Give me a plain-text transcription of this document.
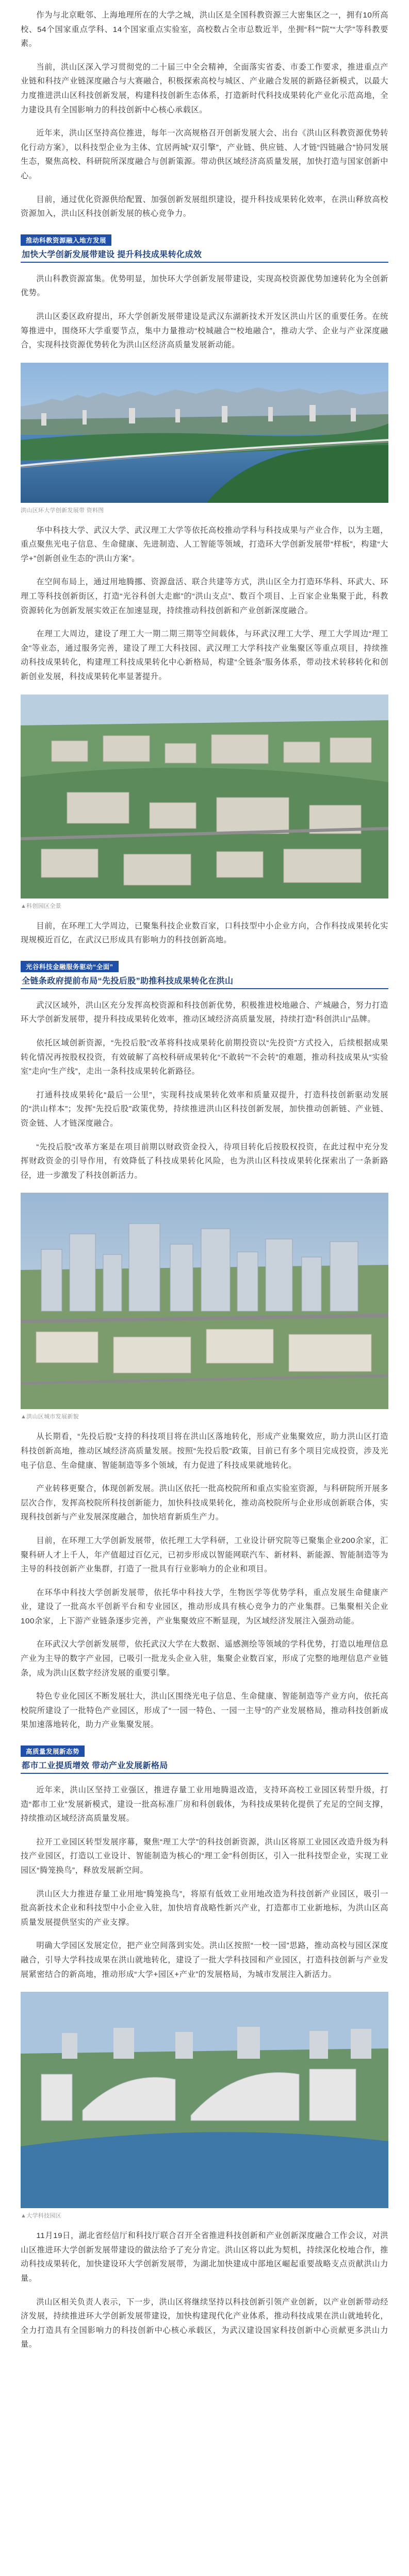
作为与北京毗邻、上海地理所在的大学之城，洪山区是全国科教资源三大密集区之一，拥有10所高校、54个国家重点学科、14个国家重点实验室，高校数占全市总数近半，坐拥“科”“院”“大学”等科教要素。

当前，洪山区深入学习贯彻党的二十届三中全会精神，全面落实省委、市委工作要求，推进重点产业链和科技产业链深度融合与大赛融合，积极探索高校与城区、产业融合发展的新路径新模式，以最大力度推进洪山区科技创新发展，构建科技创新生态体系，打造新时代科技成果转化产业化示范高地，全力建设具有全国影响力的科技创新中心核心承载区。

近年来，洪山区坚持高位推进，每年一次高规格召开创新发展大会、出台《洪山区科教资源优势转化行动方案》，以科技型企业为主体、宜居两城“双引擎”，产业链、供应链、人才链“四链融合”协同发展生态，聚焦高校、科研院所深度融合与创新策源。带动供区域经济高质量发展，加快打造与国家创新中心。

目前，通过优化资源供给配置、加强创新发展组织建设，提升科技成果转化效率，在洪山释放高校资源加入，洪山区科技创新发展的核心竞争力。

推动科教资源融入地方发展
加快大学创新发展带建设 提升科技成果转化成效

洪山科教资源富集。优势明显，加快环大学创新发展带建设，实现高校资源优势加速转化为全创新优势。

洪山区委区政府提出，环大学创新发展带建设是武汉东湖新技术开发区洪山片区的重要任务。在统筹推进中，围绕环大学重要节点，集中力量推动“校城融合”“校地融合”，推动大学、企业与产业深度融合，实现科技资源优势转化为洪山区经济高质量发展新动能。

洪山区环大学创新发展带 资料图

华中科技大学、武汉大学、武汉理工大学等依托高校推动学科与科技成果与产业合作，以为主题，重点聚焦光电子信息、生命健康、先进制造、人工智能等领域，打造环大学创新发展带“样板”，构建“大学+”创新创业生态的“洪山方案”。

在空间布局上，通过用地腾挪、资源盘活、联合共建等方式，洪山区全力打造环华科、环武大、环理工等科技创新街区，打造“光谷科创大走廊”的“洪山支点”、数百个项目、上百家企业集聚于此，科教资源转化为创新发展实效正在加速显现，持续推动科技创新和产业创新深度融合。

在理工大周边，建设了理工大一期二期三期等空间载体，与环武汉理工大学、理工大学周边“理工金”等业态，通过服务完善，建设了理工大科技园、武汉理工大学科技产业集聚区等重点项目，持续推动科技成果转化，构建理工科技成果转化中心新格局，构建“全链条”服务体系，带动技术转移转化和创新创业发展，科技成果转化率显著提升。

▲科创园区全景

目前，在环理工大学周边，已聚集科技企业数百家，口科技型中小企业方向，合作科技成果转化实现规模近百亿，在武汉已形成具有影响力的科技创新高地。

光谷科技金融服务驱动“全面”
全链条政府提前布局“先投后股”助推科技成果转化在洪山

武汉区域外，洪山区充分发挥高校资源和科技创新优势，积极推进校地融合、产城融合，努力打造环大学创新发展带，提升科技成果转化效率，推动区域经济高质量发展，持续打造“科创洪山”品牌。

依托区域创新资源，“先投后股”改革将科技成果转化前期投资以“先投资”方式投入，后续根据成果转化情况再按股权投资，有效破解了高校科研成果转化“不敢转”“不会转”的难题，推动科技成果从“实验室”走向“生产线”，走出一条科技成果转化新路径。

打通科技成果转化“最后一公里”，实现科技成果转化效率和质量双提升，打造科技创新驱动发展的“洪山样本”；发挥“先投后股”政策优势，持续推进洪山区科技创新发展，加快推动创新链、产业链、资金链、人才链深度融合。

“先投后股”改革方案是在项目前期以财政资金投入，待项目转化后按股权投资，在此过程中充分发挥财政资金的引导作用，有效降低了科技成果转化风险，也为洪山区科技成果转化探索出了一条新路径，进一步激发了科技创新活力。

▲洪山区城市发展新貌

从长期看，“先投后股”支持的科技项目将在洪山区落地转化，形成产业集聚效应，助力洪山区打造科技创新高地，推动区域经济高质量发展。按照“先投后股”政策，目前已有多个项目完成投资，涉及光电子信息、生命健康、智能制造等多个领域，有力促进了科技成果就地转化。

产业转移更聚合，体现创新发展。洪山区依托一批高校院所和重点实验室资源，与科研院所开展多层次合作，发挥高校院所科技创新能力，加快科技成果转化，推动高校院所与企业形成创新联合体，实现科技创新与产业发展深度融合，加快培育新质生产力。

目前，在环理工大学创新发展带，依托理工大学科研，工业设计研究院等已聚集企业200余家，汇聚科研人才上千人，年产值超过百亿元，已初步形成以智能网联汽车、新材料、新能源、智能制造等为主导的科技创新产业集群，打造了一批具有行业影响力的企业和项目。

在环华中科技大学创新发展带，依托华中科技大学，生物医学等优势学科，重点发展生命健康产业，建设了一批高水平创新平台和专业园区，推动形成具有核心竞争力的产业集群。已集聚相关企业100余家，上下游产业链条逐步完善，产业集聚效应不断显现，为区域经济发展注入强劲动能。

在环武汉大学创新发展带，依托武汉大学在大数据、遥感测绘等领域的学科优势，打造以地理信息产业为主导的数字产业园，已吸引一批龙头企业入驻，集聚企业数百家，形成了完整的地理信息产业链条，成为洪山区数字经济发展的重要引擎。

特色专业化园区不断发展壮大，洪山区围绕光电子信息、生命健康、智能制造等产业方向，依托高校院所建设了一批特色产业园区，形成了“一园一特色、一园一主导”的产业发展格局，推动科技创新成果加速落地转化，助力产业集聚发展。

高质量发展新态势
都市工业提质增效 带动产业发展新格局

近年来，洪山区坚持工业强区，推进存量工业用地腾退改造，支持环高校工业园区转型升级，打造“都市工业”发展新模式，建设一批高标准厂房和科创载体，为科技成果转化提供了充足的空间支撑，持续推动区域经济高质量发展。

拉开工业园区转型发展序幕，聚焦“理工大学”的科技创新资源，洪山区将原工业园区改造升级为科技产业园区，打造以工业设计、智能制造为核心的“理工金”科创街区，引入一批科技型企业，实现工业园区“腾笼换鸟”，释放发展新空间。

洪山区大力推进存量工业用地“腾笼换鸟”，将原有低效工业用地改造为科技创新产业园区，吸引一批高新技术企业和科技型中小企业入驻，加快培育战略性新兴产业，打造都市工业新地标，为洪山区高质量发展提供坚实的产业支撑。

明确大学园区发展定位，把产业空间落到实处。洪山区按照“一校一园”思路，推动高校与园区深度融合，引导大学科技成果在洪山就地转化，建设了一批大学科技园和产业园区，打造科技创新与产业发展紧密结合的新高地，推动形成“大学+园区+产业”的发展格局，为城市发展注入新活力。

▲大学科技园区

11月19日，湖北省经信厅和科技厅联合召开全省推进科技创新和产业创新深度融合工作会议，对洪山区推进环大学创新发展带建设的做法给予了充分肯定。洪山区将以此为契机，持续深化校地合作，推动科技成果转化，加快建设环大学创新发展带，为湖北加快建成中部地区崛起重要战略支点贡献洪山力量。

洪山区相关负责人表示，下一步，洪山区将继续坚持以科技创新引领产业创新，以产业创新带动经济发展，持续推进环大学创新发展带建设，加快构建现代化产业体系，推动科技成果在洪山就地转化，全力打造具有全国影响力的科技创新中心核心承载区，为武汉建设国家科技创新中心贡献更多洪山力量。
